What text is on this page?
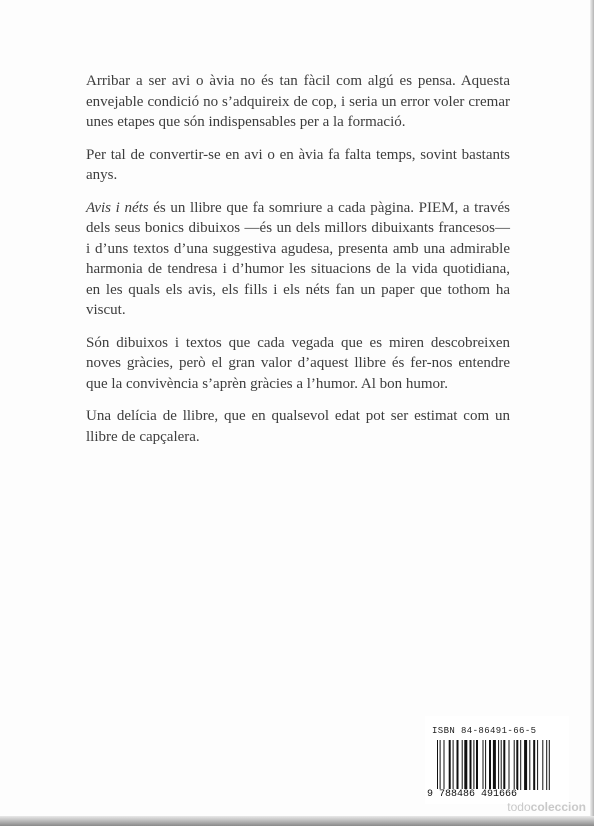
Arribar a ser avi o àvia no és tan fàcil com algú es pensa. Aquesta envejable condició no s’adquireix de cop, i seria un error voler cremar unes etapes que són indispensables per a la formació.

Per tal de convertir-se en avi o en àvia fa falta temps, sovint bastants anys.

Avis i néts és un llibre que fa somriure a cada pàgina. PIEM, a través dels seus bonics dibuixos —és un dels millors dibuixants francesos— i d’uns textos d’una suggestiva agudesa, presenta amb una admirable harmonia de tendresa i d’humor les situacions de la vida quotidiana, en les quals els avis, els fills i els néts fan un paper que tothom ha viscut.

Són dibuixos i textos que cada vegada que es miren descobreixen noves gràcies, però el gran valor d’aquest llibre és fer-nos entendre que la convivència s’aprèn gràcies a l’humor. Al bon humor.

Una delícia de llibre, que en qualsevol edat pot ser estimat com un llibre de capçalera.

ISBN 84-86491-66-5
9 788486 491666
todocoleccion
